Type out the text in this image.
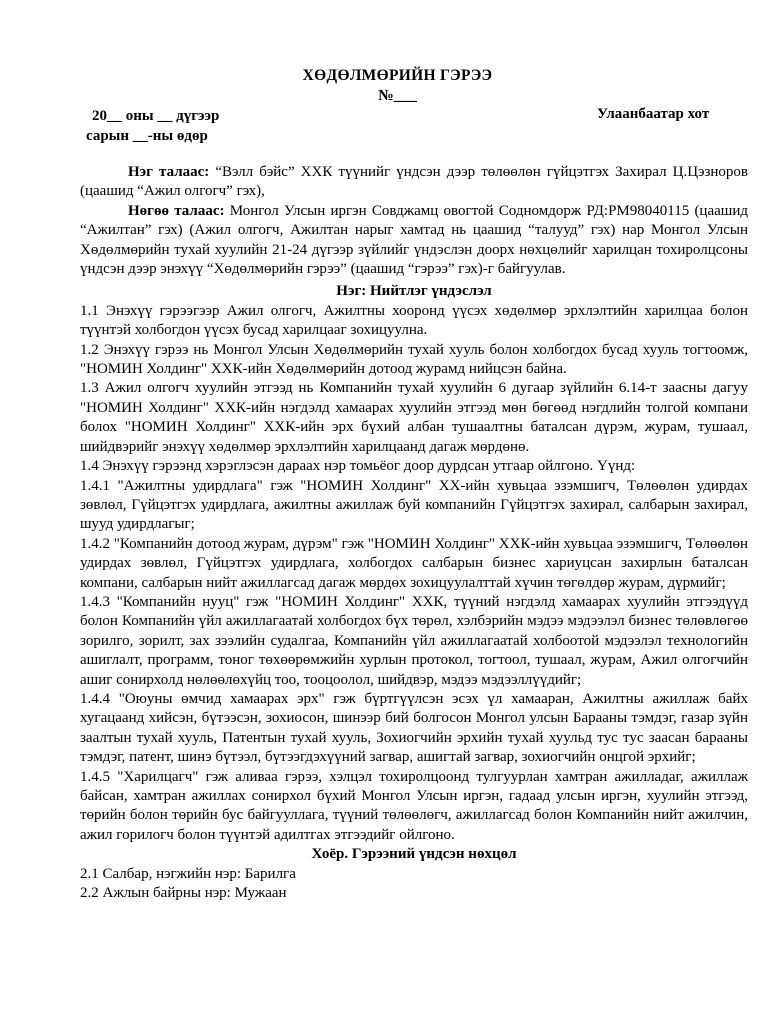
ХӨДӨЛМӨРИЙН ГЭРЭЭ
№___
20__ оны __ дүгээр
сарын __-ны өдөр
Улаанбаатар хот

Нэг талаас: “Вэлл бэйс” ХХК түүнийг үндсэн дээр төлөөлөн гүйцэтгэх Захирал Ц.Цэзноров (цаашид “Ажил олгогч” гэх),

Нөгөө талаас: Монгол Улсын иргэн Совджамц овогтой Содномдорж РД:РМ98040115 (цаашид “Ажилтан” гэх) (Ажил олгогч, Ажилтан нарыг хамтад нь цаашид “талууд” гэх) нар Монгол Улсын Хөдөлмөрийн тухай хуулийн 21-24 дүгээр зүйлийг үндэслэн доорх нөхцөлийг харилцан тохиролцсоны үндсэн дээр энэхүү “Хөдөлмөрийн гэрээ” (цаашид “гэрээ” гэх)-г байгуулав.

Нэг: Нийтлэг үндэслэл

1.1 Энэхүү гэрээгээр Ажил олгогч, Ажилтны хооронд үүсэх хөдөлмөр эрхлэлтийн харилцаа болон түүнтэй холбогдон үүсэх бусад харилцааг зохицуулна.

1.2 Энэхүү гэрээ нь Монгол Улсын Хөдөлмөрийн тухай хууль болон холбогдох бусад хууль тогтоомж, "НОМИН Холдинг" ХХК-ийн Хөдөлмөрийн дотоод журамд нийцсэн байна.

1.3 Ажил олгогч хуулийн этгээд нь Компанийн тухай хуулийн 6 дугаар зүйлийн 6.14-т заасны дагуу "НОМИН Холдинг" ХХК-ийн нэгдэлд хамаарах хуулийн этгээд мөн бөгөөд нэгдлийн толгой компани болох "НОМИН Холдинг" ХХК-ийн эрх бүхий албан тушаалтны баталсан дүрэм, журам, тушаал, шийдвэрийг энэхүү хөдөлмөр эрхлэлтийн харилцаанд дагаж мөрдөнө.

1.4 Энэхүү гэрээнд хэрэглэсэн дараах нэр томьёог доор дурдсан утгаар ойлгоно. Үүнд:

1.4.1 "Ажилтны удирдлага" гэж "НОМИН Холдинг" ХХ-ийн хувьцаа эзэмшигч, Төлөөлөн удирдах зөвлөл, Гүйцэтгэх удирдлага, ажилтны ажиллаж буй компанийн Гүйцэтгэх захирал, салбарын захирал, шууд удирдлагыг;

1.4.2 "Компанийн дотоод журам, дүрэм" гэж "НОМИН Холдинг" ХХК-ийн хувьцаа эзэмшигч, Төлөөлөн удирдах зөвлөл, Гүйцэтгэх удирдлага, холбогдох салбарын бизнес хариуцсан захирлын баталсан компани, салбарын нийт ажиллагсад дагаж мөрдөх зохицуулалттай хүчин төгөлдөр журам, дүрмийг;

1.4.3 "Компанийн нууц" гэж "НОМИН Холдинг" ХХК, түүний нэгдэлд хамаарах хуулийн этгээдүүд болон Компанийн үйл ажиллагаатай холбогдох бүх төрөл, хэлбэрийн мэдээ мэдээлэл бизнес төлөвлөгөө зорилго, зорилт, зах зээлийн судалгаа, Компанийн үйл ажиллагаатай холбоотой мэдээлэл технологийн ашиглалт, программ, тоног төхөөрөмжийн хурлын протокол, тогтоол, тушаал, журам, Ажил олгогчийн ашиг сонирхолд нөлөөлөхүйц тоо, тооцоолол, шийдвэр, мэдээ мэдээллүүдийг;

1.4.4 "Оюуны өмчид хамаарах эрх" гэж бүртгүүлсэн эсэх үл хамааран, Ажилтны ажиллаж байх хугацаанд хийсэн, бүтээсэн, зохиосон, шинээр бий болгосон Монгол улсын Барааны тэмдэг, газар зүйн заалтын тухай хууль, Патентын тухай хууль, Зохиогчийн эрхийн тухай хуульд тус тус заасан барааны тэмдэг, патент, шинэ бүтээл, бүтээгдэхүүний загвар, ашигтай загвар, зохиогчийн онцгой эрхийг;

1.4.5 "Харилцагч" гэж аливаа гэрээ, хэлцэл тохиролцоонд тулгуурлан хамтран ажилладаг, ажиллаж байсан, хамтран ажиллах сонирхол бүхий Монгол Улсын иргэн, гадаад улсын иргэн, хуулийн этгээд, төрийн болон төрийн бус байгууллага, түүний төлөөлөгч, ажиллагсад болон Компанийн нийт ажилчин, ажил горилогч болон түүнтэй адилтгах этгээдийг ойлгоно.

Хоёр. Гэрээний үндсэн нөхцөл

2.1 Салбар, нэгжийн нэр: Барилга

2.2 Ажлын байрны нэр: Мужаан
